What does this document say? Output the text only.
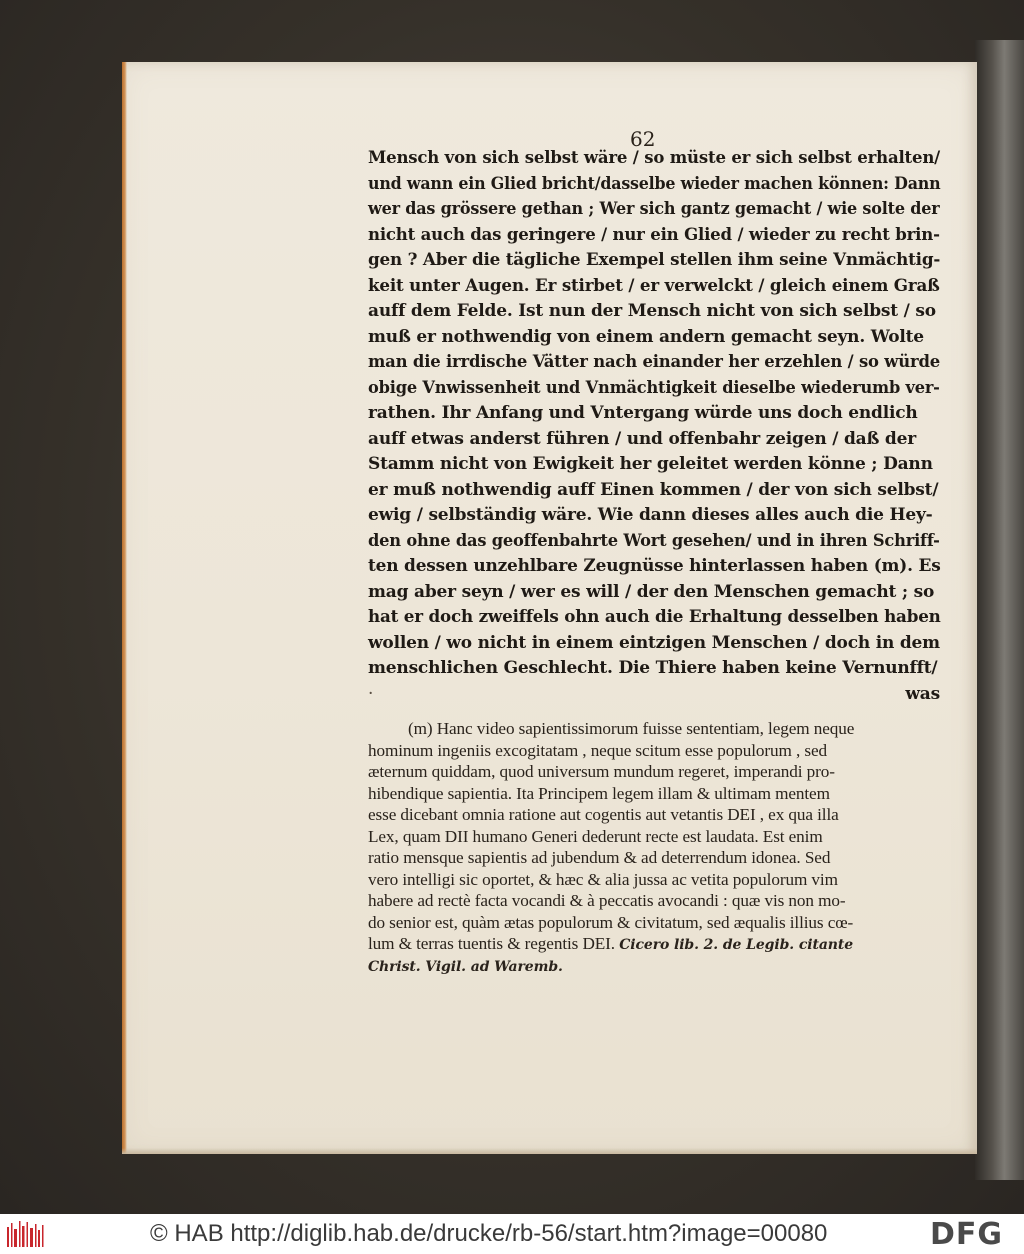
62
Mensch von sich selbst wäre / so müste er sich selbst erhalten/
und wann ein Glied bricht/dasselbe wieder machen können: Dann
wer das grössere gethan ; Wer sich gantz gemacht / wie solte der
nicht auch das geringere / nur ein Glied / wieder zu recht brin-
gen ? Aber die tägliche Exempel stellen ihm seine Vnmächtig-
keit unter Augen. Er stirbet / er verwelckt / gleich einem Graß
auff dem Felde. Ist nun der Mensch nicht von sich selbst / so
muß er nothwendig von einem andern gemacht seyn. Wolte
man die irrdische Vätter nach einander her erzehlen / so würde
obige Vnwissenheit und Vnmächtigkeit dieselbe wiederumb ver-
rathen. Ihr Anfang und Vntergang würde uns doch endlich
auff etwas anderst führen / und offenbahr zeigen / daß der
Stamm nicht von Ewigkeit her geleitet werden könne ; Dann
er muß nothwendig auff Einen kommen / der von sich selbst/
ewig / selbständig wäre. Wie dann dieses alles auch die Hey-
den ohne das geoffenbahrte Wort gesehen/ und in ihren Schriff-
ten dessen unzehlbare Zeugnüsse hinterlassen haben (m). Es
mag aber seyn / wer es will / der den Menschen gemacht ; so
hat er doch zweiffels ohn auch die Erhaltung desselben haben
wollen / wo nicht in einem eintzigen Menschen / doch in dem
menschlichen Geschlecht. Die Thiere haben keine Vernunfft/
·	was
(m) Hanc video sapientissimorum fuisse sententiam, legem neque
hominum ingeniis excogitatam , neque scitum esse populorum , sed
æternum quiddam, quod universum mundum regeret, imperandi pro-
hibendique sapientia. Ita Principem legem illam & ultimam mentem
esse dicebant omnia ratione aut cogentis aut vetantis DEI , ex qua illa
Lex, quam DII humano Generi dederunt recte est laudata. Est enim
ratio mensque sapientis ad jubendum & ad deterrendum idonea. Sed
vero intelligi sic oportet, & hæc & alia jussa ac vetita populorum vim
habere ad rectè facta vocandi & à peccatis avocandi : quæ vis non mo-
do senior est, quàm ætas populorum & civitatum, sed æqualis illius cœ-
lum & terras tuentis & regentis DEI. Cicero lib. 2. de Legib. citante
Christ. Vigil. ad Waremb.
© HAB http://diglib.hab.de/drucke/rb-56/start.htm?image=00080	DFG
